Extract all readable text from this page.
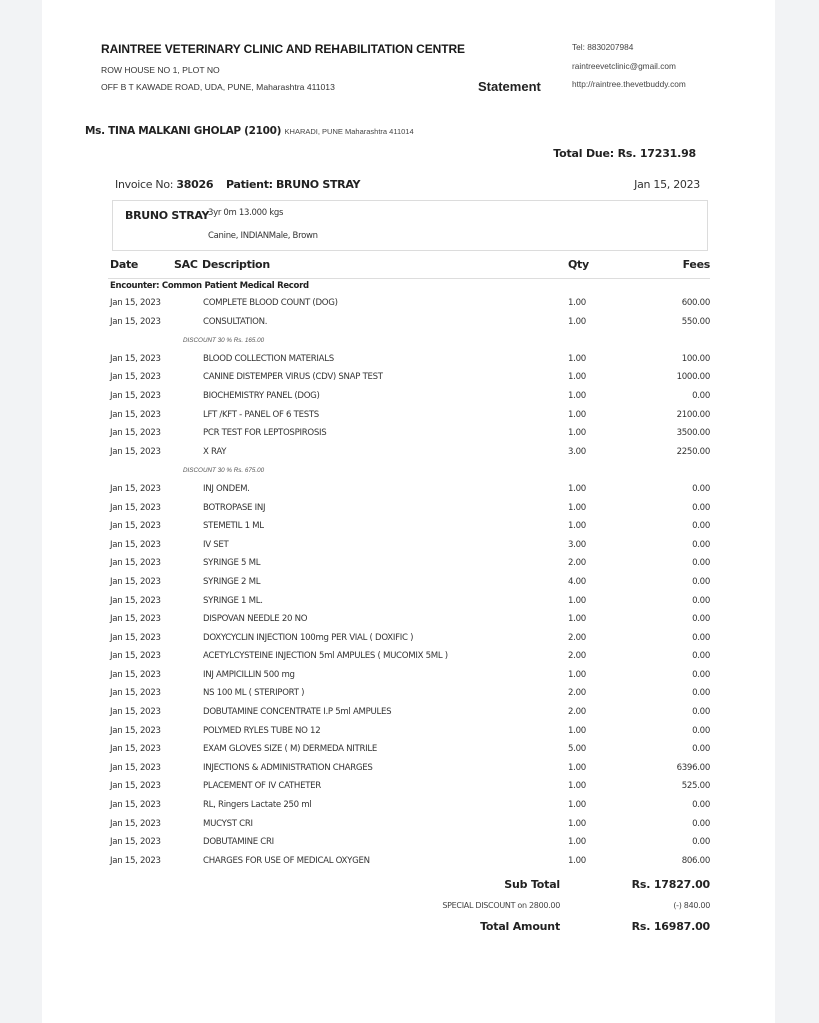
RAINTREE VETERINARY CLINIC AND REHABILITATION CENTRE
ROW HOUSE NO 1, PLOT NO
OFF B T KAWADE ROAD, UDA, PUNE, Maharashtra 411013	Statement
Tel: 8830207984
raintreevetclinic@gmail.com
http://raintree.thevetbuddy.com
Ms. TINA MALKANI GHOLAP (2100) KHARADI, PUNE Maharashtra 411014
Total Due: Rs. 17231.98
Invoice No: 38026 Patient: BRUNO STRAY	Jan 15, 2023
BRUNO STRAY
3yr 0m 13.000 kgs
Canine, INDIANMale, Brown
Date	SAC Description	Qty	Fees
Encounter: Common Patient Medical Record
Jan 15, 2023	COMPLETE BLOOD COUNT (DOG)	1.00	600.00
Jan 15, 2023	CONSULTATION.	1.00	550.00
DISCOUNT 30 % Rs. 165.00
Jan 15, 2023	BLOOD COLLECTION MATERIALS	1.00	100.00
Jan 15, 2023	CANINE DISTEMPER VIRUS (CDV) SNAP TEST	1.00	1000.00
Jan 15, 2023	BIOCHEMISTRY PANEL (DOG)	1.00	0.00
Jan 15, 2023	LFT /KFT - PANEL OF 6 TESTS	1.00	2100.00
Jan 15, 2023	PCR TEST FOR LEPTOSPIROSIS	1.00	3500.00
Jan 15, 2023	X RAY	3.00	2250.00
DISCOUNT 30 % Rs. 675.00
Jan 15, 2023	INJ ONDEM.	1.00	0.00
Jan 15, 2023	BOTROPASE INJ	1.00	0.00
Jan 15, 2023	STEMETIL 1 ML	1.00	0.00
Jan 15, 2023	IV SET	3.00	0.00
Jan 15, 2023	SYRINGE 5 ML	2.00	0.00
Jan 15, 2023	SYRINGE 2 ML	4.00	0.00
Jan 15, 2023	SYRINGE 1 ML.	1.00	0.00
Jan 15, 2023	DISPOVAN NEEDLE 20 NO	1.00	0.00
Jan 15, 2023	DOXYCYCLIN INJECTION 100mg PER VIAL ( DOXIFIC )	2.00	0.00
Jan 15, 2023	ACETYLCYSTEINE INJECTION 5ml AMPULES ( MUCOMIX 5ML )	2.00	0.00
Jan 15, 2023	INJ AMPICILLIN 500 mg	1.00	0.00
Jan 15, 2023	NS 100 ML ( STERIPORT )	2.00	0.00
Jan 15, 2023	DOBUTAMINE CONCENTRATE I.P 5ml AMPULES	2.00	0.00
Jan 15, 2023	POLYMED RYLES TUBE NO 12	1.00	0.00
Jan 15, 2023	EXAM GLOVES SIZE ( M) DERMEDA NITRILE	5.00	0.00
Jan 15, 2023	INJECTIONS & ADMINISTRATION CHARGES	1.00	6396.00
Jan 15, 2023	PLACEMENT OF IV CATHETER	1.00	525.00
Jan 15, 2023	RL, Ringers Lactate 250 ml	1.00	0.00
Jan 15, 2023	MUCYST CRI	1.00	0.00
Jan 15, 2023	DOBUTAMINE CRI	1.00	0.00
Jan 15, 2023	CHARGES FOR USE OF MEDICAL OXYGEN	1.00	806.00
Sub Total	Rs. 17827.00
SPECIAL DISCOUNT on 2800.00	(-) 840.00
Total Amount	Rs. 16987.00
